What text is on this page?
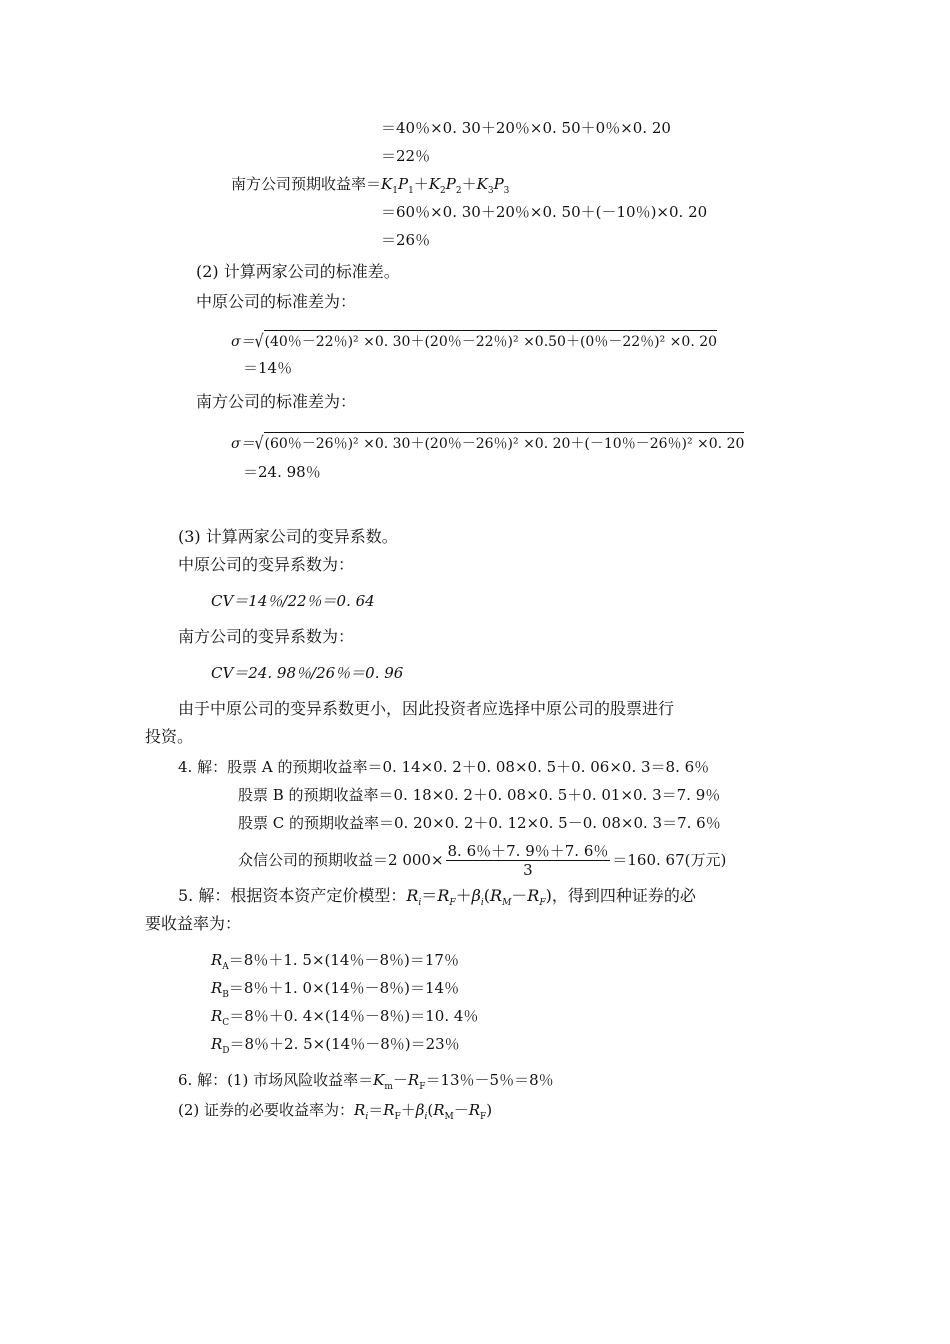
＝40％×0. 30＋20％×0. 50＋0％×0. 20
＝22％
南方公司预期收益率$=K_1P_1+K_2P_2+K_3P_3$
＝60％×0. 30＋20％×0. 50＋(－10％)×0. 20
＝26％
(2) 计算两家公司的标准差。
中原公司的标准差为：
σ＝√(40％－22％)² ×0. 30＋(20％－22％)² ×0.50＋(0％－22％)² ×0. 20
＝14％
南方公司的标准差为：
σ＝√(60％－26％)² ×0. 30＋(20％－26％)² ×0. 20＋(－10％－26％)² ×0. 20
＝24. 98％
(3) 计算两家公司的变异系数。
中原公司的变异系数为：
CV＝14％/22％＝0. 64
南方公司的变异系数为：
CV＝24. 98％/26％＝0. 96
由于中原公司的变异系数更小，因此投资者应选择中原公司的股票进行
投资。
4. 解：股票 A 的预期收益率＝0. 14×0. 2＋0. 08×0. 5＋0. 06×0. 3＝8. 6％
股票 B 的预期收益率＝0. 18×0. 2＋0. 08×0. 5＋0. 01×0. 3＝7. 9％
股票 C 的预期收益率＝0. 20×0. 2＋0. 12×0. 5－0. 08×0. 3＝7. 6％
众信公司的预期收益＝2 $000\times \frac{8. 6\%+7. 9\%+7. 6\%}{3} =160$. 67(万元)
5. 解：根据资本资产定价模型：$R_i=R_F+\beta_i(R_M-R_F)$，得到四种证券的必
要收益率为：
$R_A=8$％＋1. 5×(14％－8％)＝17％
$R_B=8$％＋1. 0×(14％－8％)＝14％
$R_C=8$％＋0. 4×(14％－8％)＝10. 4％
$R_D=8$％＋2. 5×(14％－8％)＝23％
6. 解：(1) 市场风险收益率$=K_m-R_F=13$％－5％＝8％
(2) 证券的必要收益率为：$R_i=R_F+\beta_i(R_M-R_F)$
